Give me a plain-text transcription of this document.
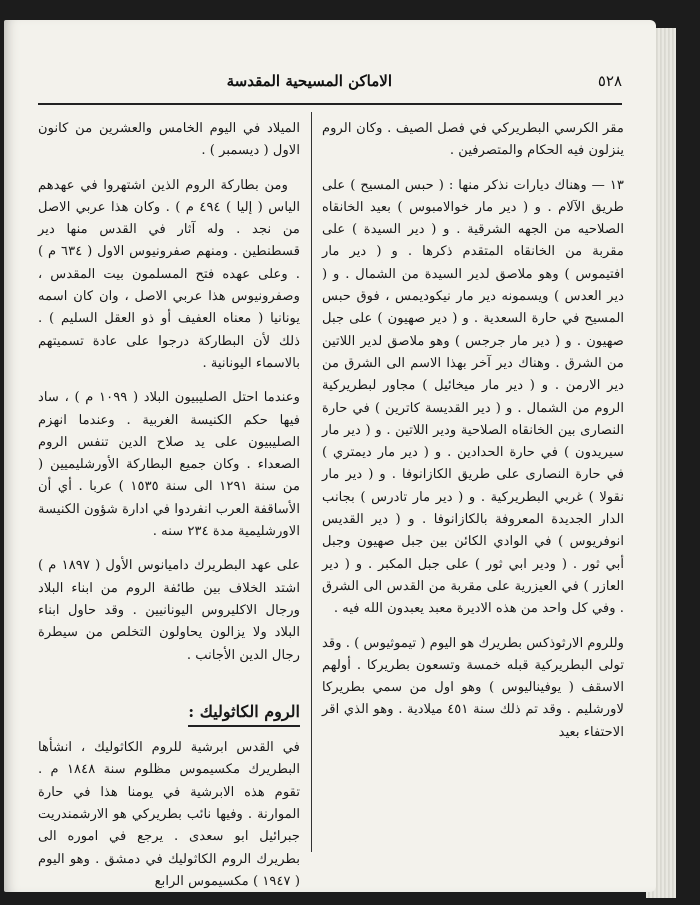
٥٢٨
الاماكن المسيحية المقدسة

مقر الكرسي البطريركي في فصل الصيف . وكان الروم ينزلون فيه الحكام والمتصرفين .

١٣ — وهناك ديارات نذكر منها : ( حبس المسيح ) على طريق الآلام . و ( دير مار خوالامبوس ) بعيد الخانقاه الصلاحيه من الجهه الشرقية . و ( دير السيدة ) على مقربة من الخانقاه المتقدم ذكرها . و ( دير مار افتيموس ) وهو ملاصق لدير السيدة من الشمال . و ( دير العدس ) ويسمونه دير مار نيكوديمس ، فوق حبس المسيح في حارة السعدية . و ( دير صهيون ) على جبل صهيون . و ( دير مار جرجس ) وهو ملاصق لدير اللاتين من الشرق . وهناك دير آخر بهذا الاسم الى الشرق من دير الارمن . و ( دير مار ميخائيل ) مجاور لبطريركية الروم من الشمال . و ( دير القديسة كاترين ) في حارة النصارى بين الخانقاه الصلاحية ودير اللاتين . و ( دير مار سيريدون ) في حارة الحدادين . و ( دير مار ديمتري ) في حارة النصارى على طريق الكازانوفا . و ( دير مار نقولا ) غربي البطريركية . و ( دير مار تادرس ) بجانب الدار الجديدة المعروفة بالكازانوفا . و ( دير القديس انوفريوس ) في الوادي الكائن بين جبل صهيون وجبل أبي ثور . ( ودير ابي ثور ) على جبل المكبر . و ( دير العازر ) في العيزرية على مقربة من القدس الى الشرق . وفي كل واحد من هذه الاديرة معبد يعبدون الله فيه .

وللروم الارثوذكس بطريرك هو اليوم ( تيموثيوس ) . وقد تولى البطريركية قبله خمسة وتسعون بطريركا . أولهم الاسقف ( يوفيناليوس ) وهو اول من سمي بطريركا لاورشليم . وقد تم ذلك سنة ٤٥١ ميلادية . وهو الذي اقر الاحتفاء بعيد

الميلاد في اليوم الخامس والعشرين من كانون الاول ( ديسمبر ) .

ومن بطاركة الروم الذين اشتهروا في عهدهم الياس ( إليا ) ٤٩٤ م ) . وكان هذا عربي الاصل من نجد . وله آثار في القدس منها دير قسطنطين . ومنهم صفرونيوس الاول ( ٦٣٤ م ) . وعلى عهده فتح المسلمون بيت المقدس ، وصفرونيوس هذا عربي الاصل ، وان كان اسمه يونانيا ( معناه العفيف أو ذو العقل السليم ) . ذلك لأن البطاركة درجوا على عادة تسميتهم بالاسماء اليونانية .

وعندما احتل الصليبيون البلاد ( ١٠٩٩ م ) ، ساد فيها حكم الكنيسة الغربية . وعندما انهزم الصليبيون على يد صلاح الدين تنفس الروم الصعداء . وكان جميع البطاركة الأورشليميين ( من سنة ١٢٩١ الى سنة ١٥٣٥ ) عربا . أي أن الأساقفة العرب انفردوا في ادارة شؤون الكنيسة الاورشليمية مدة ٢٣٤ سنه .

على عهد البطريرك داميانوس الأول ( ١٨٩٧ م ) اشتد الخلاف بين طائفة الروم من ابناء البلاد ورجال الاكليروس اليونانيين . وقد حاول ابناء البلاد ولا يزالون يحاولون التخلص من سيطرة رجال الدين الأجانب .

الروم الكاثوليك :

في القدس ابرشية للروم الكاثوليك ، انشأها البطريرك مكسيموس مظلوم سنة ١٨٤٨ م . تقوم هذه الابرشية في يومنا هذا في حارة الموارنة . وفيها نائب بطريركي هو الارشمندريت جبرائيل ابو سعدى . يرجع في اموره الى بطريرك الروم الكاثوليك في دمشق . وهو اليوم ( ١٩٤٧ ) مكسيموس الرابع
